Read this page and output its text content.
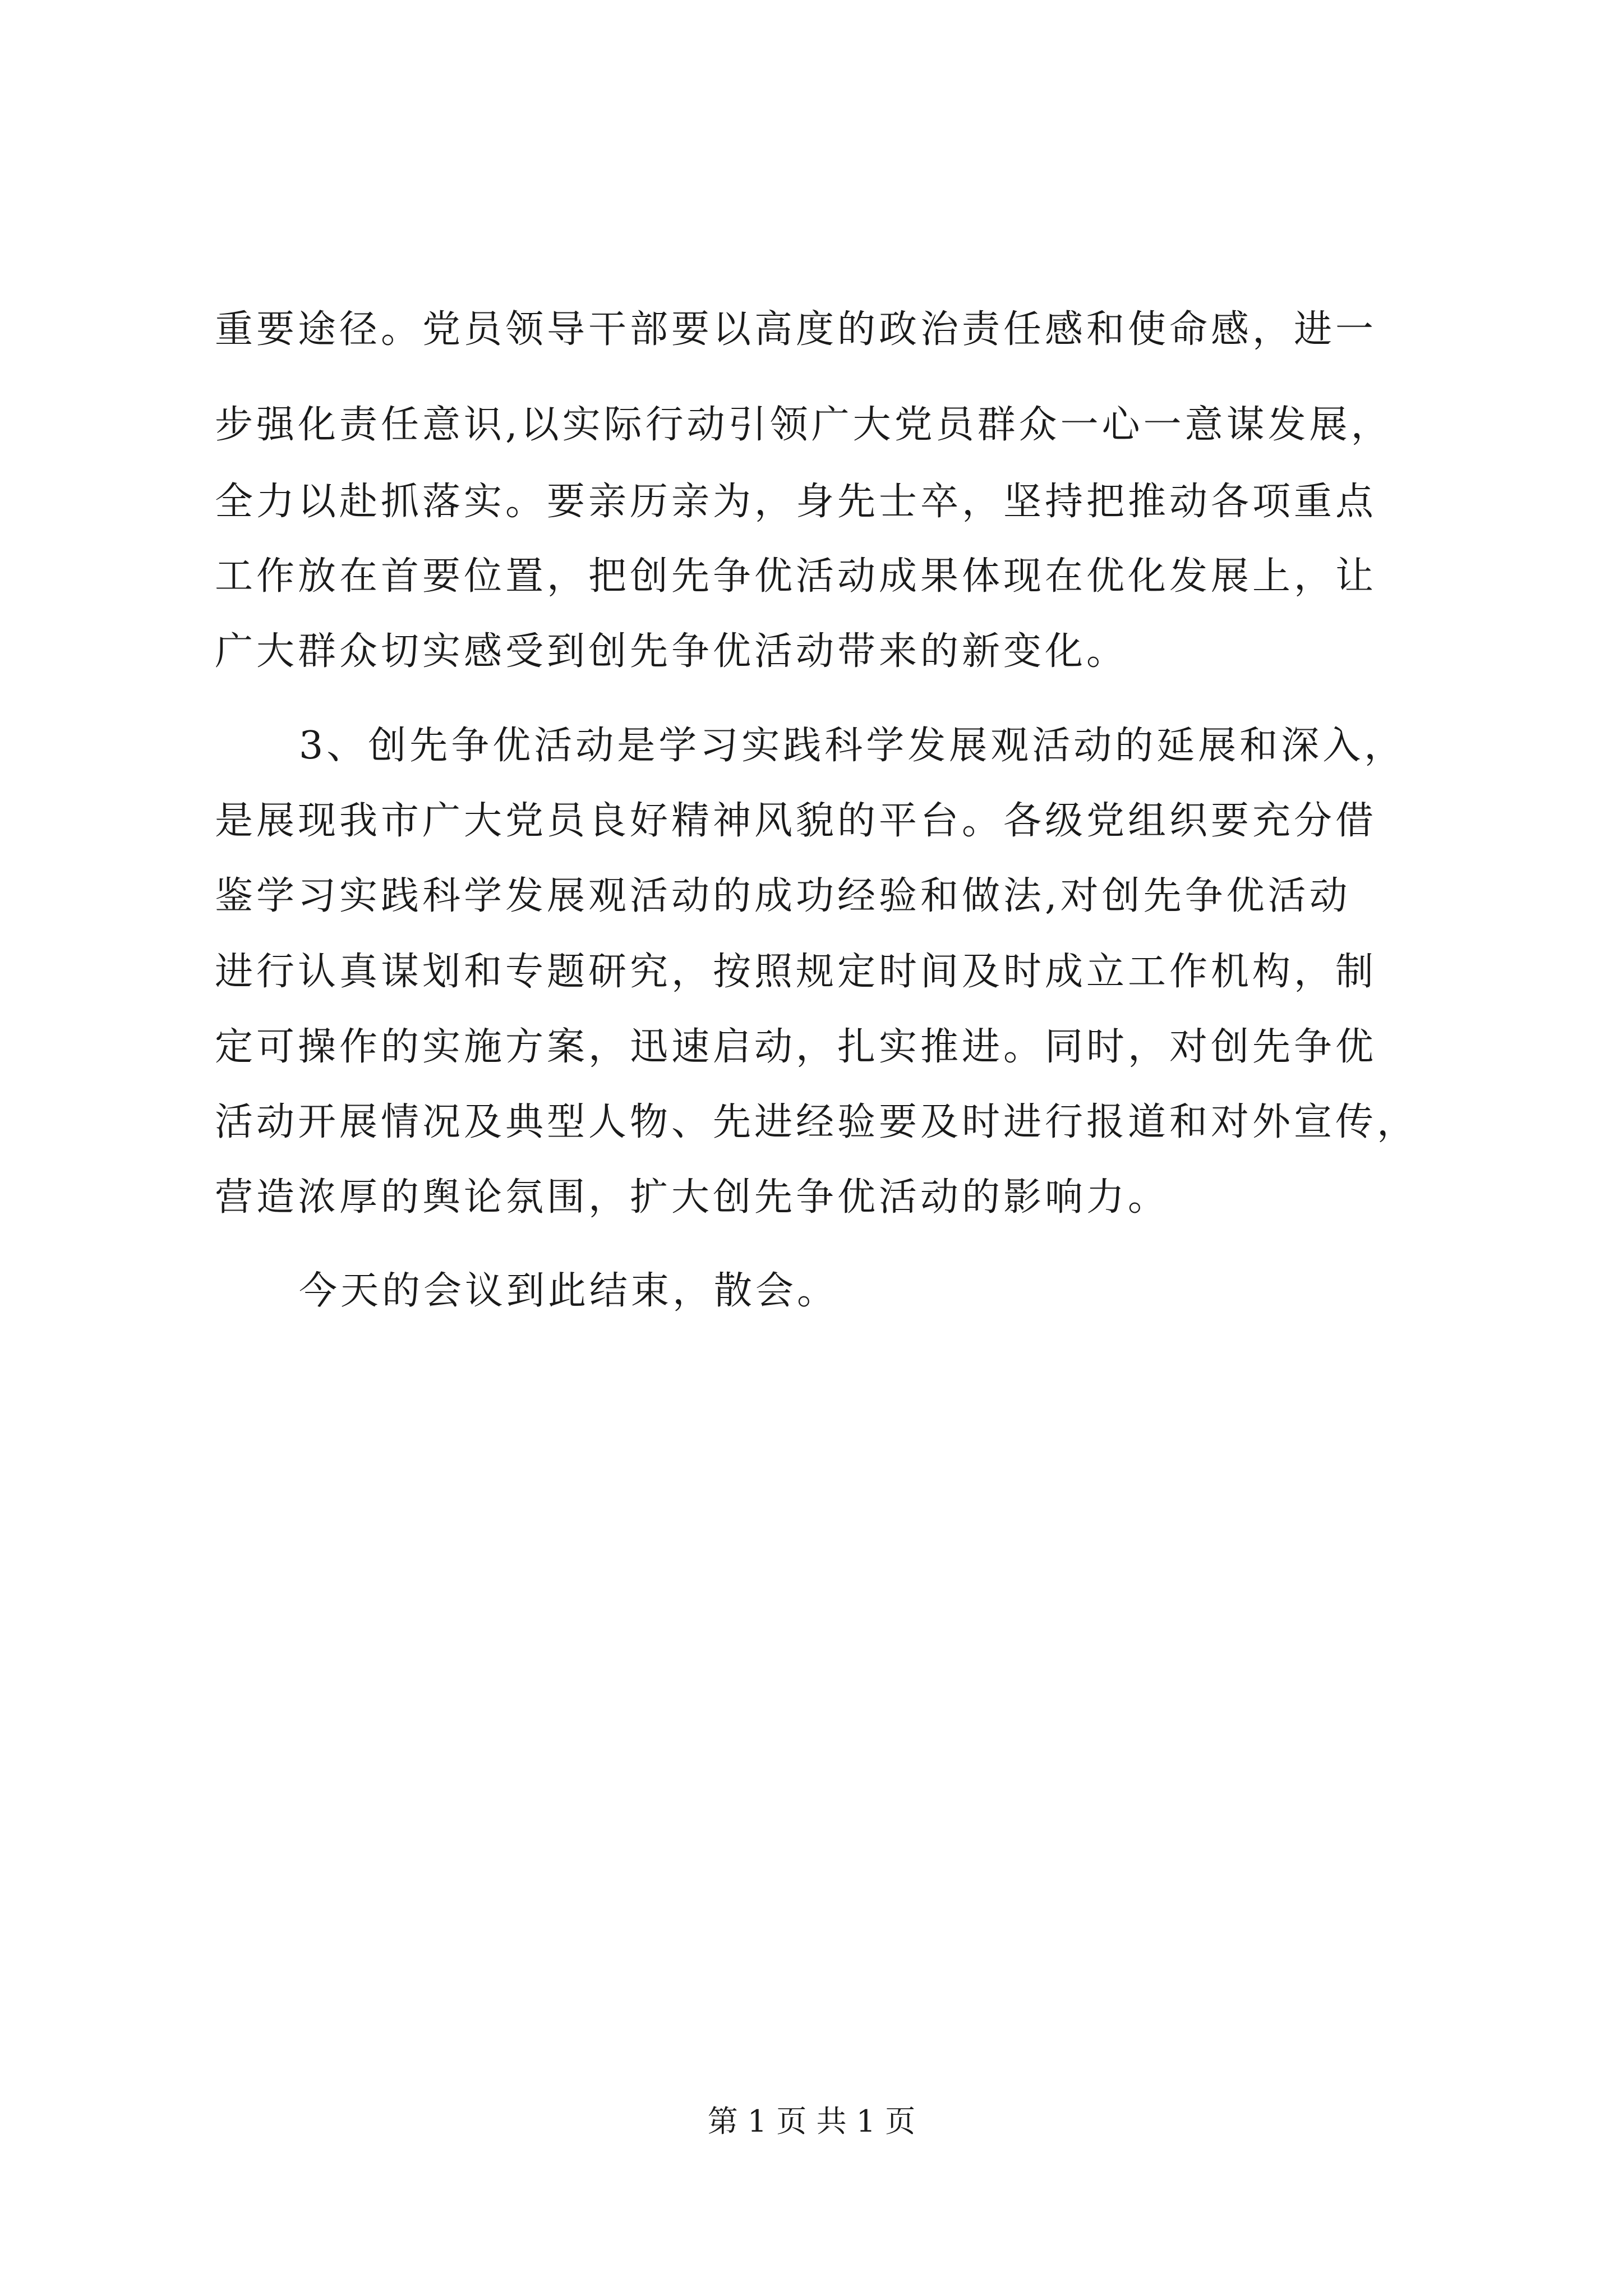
重要途径。党员领导干部要以高度的政治责任感和使命感，进一
步强化责任意识,以实际行动引领广大党员群众一心一意谋发展，
全力以赴抓落实。要亲历亲为，身先士卒，坚持把推动各项重点
工作放在首要位置，把创先争优活动成果体现在优化发展上，让
广大群众切实感受到创先争优活动带来的新变化。
3、创先争优活动是学习实践科学发展观活动的延展和深入，
是展现我市广大党员良好精神风貌的平台。各级党组织要充分借
鉴学习实践科学发展观活动的成功经验和做法,对创先争优活动
进行认真谋划和专题研究，按照规定时间及时成立工作机构，制
定可操作的实施方案，迅速启动，扎实推进。同时，对创先争优
活动开展情况及典型人物、先进经验要及时进行报道和对外宣传，
营造浓厚的舆论氛围，扩大创先争优活动的影响力。
今天的会议到此结束，散会。
第 1 页 共 1 页
